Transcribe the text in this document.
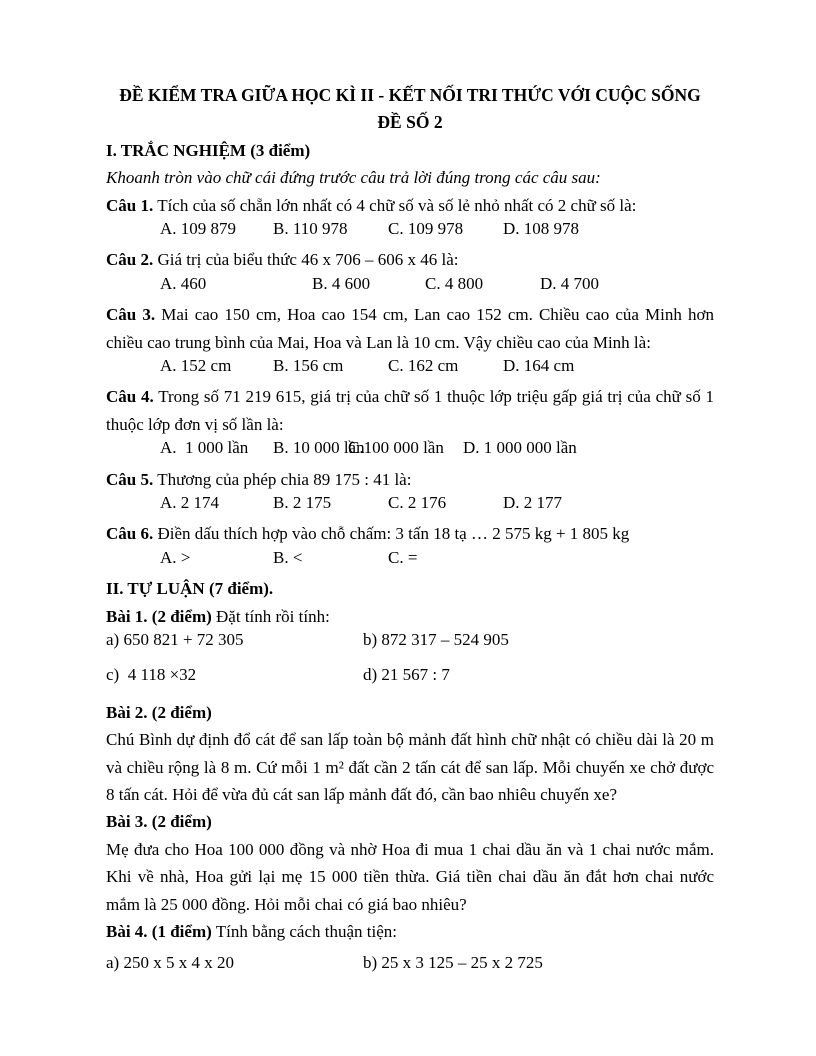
ĐỀ KIỂM TRA GIỮA HỌC KÌ II - KẾT NỐI TRI THỨC VỚI CUỘC SỐNG

ĐỀ SỐ 2

I. TRẮC NGHIỆM (3 điểm)

Khoanh tròn vào chữ cái đứng trước câu trả lời đúng trong các câu sau:

Câu 1. Tích của số chẵn lớn nhất có 4 chữ số và số lẻ nhỏ nhất có 2 chữ số là:

A. 109 879 B. 110 978 C. 109 978 D. 108 978

Câu 2. Giá trị của biểu thức 46 x 706 – 606 x 46 là:

A. 460	B. 4 600	C. 4 800	D. 4 700

Câu 3. Mai cao 150 cm, Hoa cao 154 cm, Lan cao 152 cm. Chiều cao của Minh hơn chiều cao trung bình của Mai, Hoa và Lan là 10 cm. Vậy chiều cao của Minh là:

A. 152 cm B. 156 cm	C. 162 cm	D. 164 cm

Câu 4. Trong số 71 219 615, giá trị của chữ số 1 thuộc lớp triệu gấp giá trị của chữ số 1 thuộc lớp đơn vị số lần là:

A.  1 000 lần B. 10 000 lần
C.100 000 lần D. 1 000 000 lần

Câu 5. Thương của phép chia 89 175 : 41 là:

A. 2 174	B. 2 175	C. 2 176	D. 2 177

Câu 6. Điền dấu thích hợp vào chỗ chấm: 3 tấn 18 tạ … 2 575 kg + 1 805 kg

A. >	B. <	C. =

II. TỰ LUẬN (7 điểm).

Bài 1. (2 điểm) Đặt tính rồi tính:

a) 650 821 + 72 305	b) 872 317 – 524 905
c)  4 118 ×32	d) 21 567 : 7

Bài 2. (2 điểm)

Chú Bình dự định đổ cát để san lấp toàn bộ mảnh đất hình chữ nhật có chiều dài là 20 m và chiều rộng là 8 m. Cứ mỗi 1 m² đất cần 2 tấn cát để san lấp. Mỗi chuyến xe chở được 8 tấn cát. Hỏi để vừa đủ cát san lấp mảnh đất đó, cần bao nhiêu chuyến xe?

Bài 3. (2 điểm)

Mẹ đưa cho Hoa 100 000 đồng và nhờ Hoa đi mua 1 chai dầu ăn và 1 chai nước mắm. Khi về nhà, Hoa gửi lại mẹ 15 000 tiền thừa. Giá tiền chai dầu ăn đắt hơn chai nước mắm là 25 000 đồng. Hỏi mỗi chai có giá bao nhiêu?

Bài 4. (1 điểm) Tính bằng cách thuận tiện:

a) 250 x 5 x 4 x 20	b) 25 x 3 125 – 25 x 2 725
